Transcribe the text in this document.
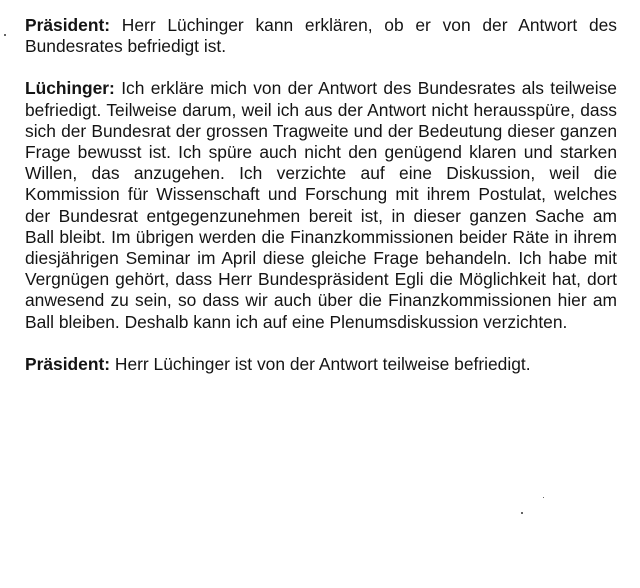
Präsident: Herr Lüchinger kann erklären, ob er von der Antwort des Bundesrates befriedigt ist.

Lüchinger: Ich erkläre mich von der Antwort des Bundesrates als teilweise befriedigt. Teilweise darum, weil ich aus der Antwort nicht herausspüre, dass sich der Bundesrat der grossen Tragweite und der Bedeutung dieser ganzen Frage bewusst ist. Ich spüre auch nicht den genügend klaren und starken Willen, das anzugehen. Ich verzichte auf eine Diskussion, weil die Kommission für Wissenschaft und Forschung mit ihrem Postulat, welches der Bundesrat entgegenzunehmen bereit ist, in dieser ganzen Sache am Ball bleibt. Im übrigen werden die Finanzkommissionen beider Räte in ihrem diesjährigen Seminar im April diese gleiche Frage behandeln. Ich habe mit Vergnügen gehört, dass Herr Bundespräsident Egli die Möglichkeit hat, dort anwesend zu sein, so dass wir auch über die Finanzkommissionen hier am Ball bleiben. Deshalb kann ich auf eine Plenumsdiskussion verzichten.

Präsident: Herr Lüchinger ist von der Antwort teilweise befriedigt.
